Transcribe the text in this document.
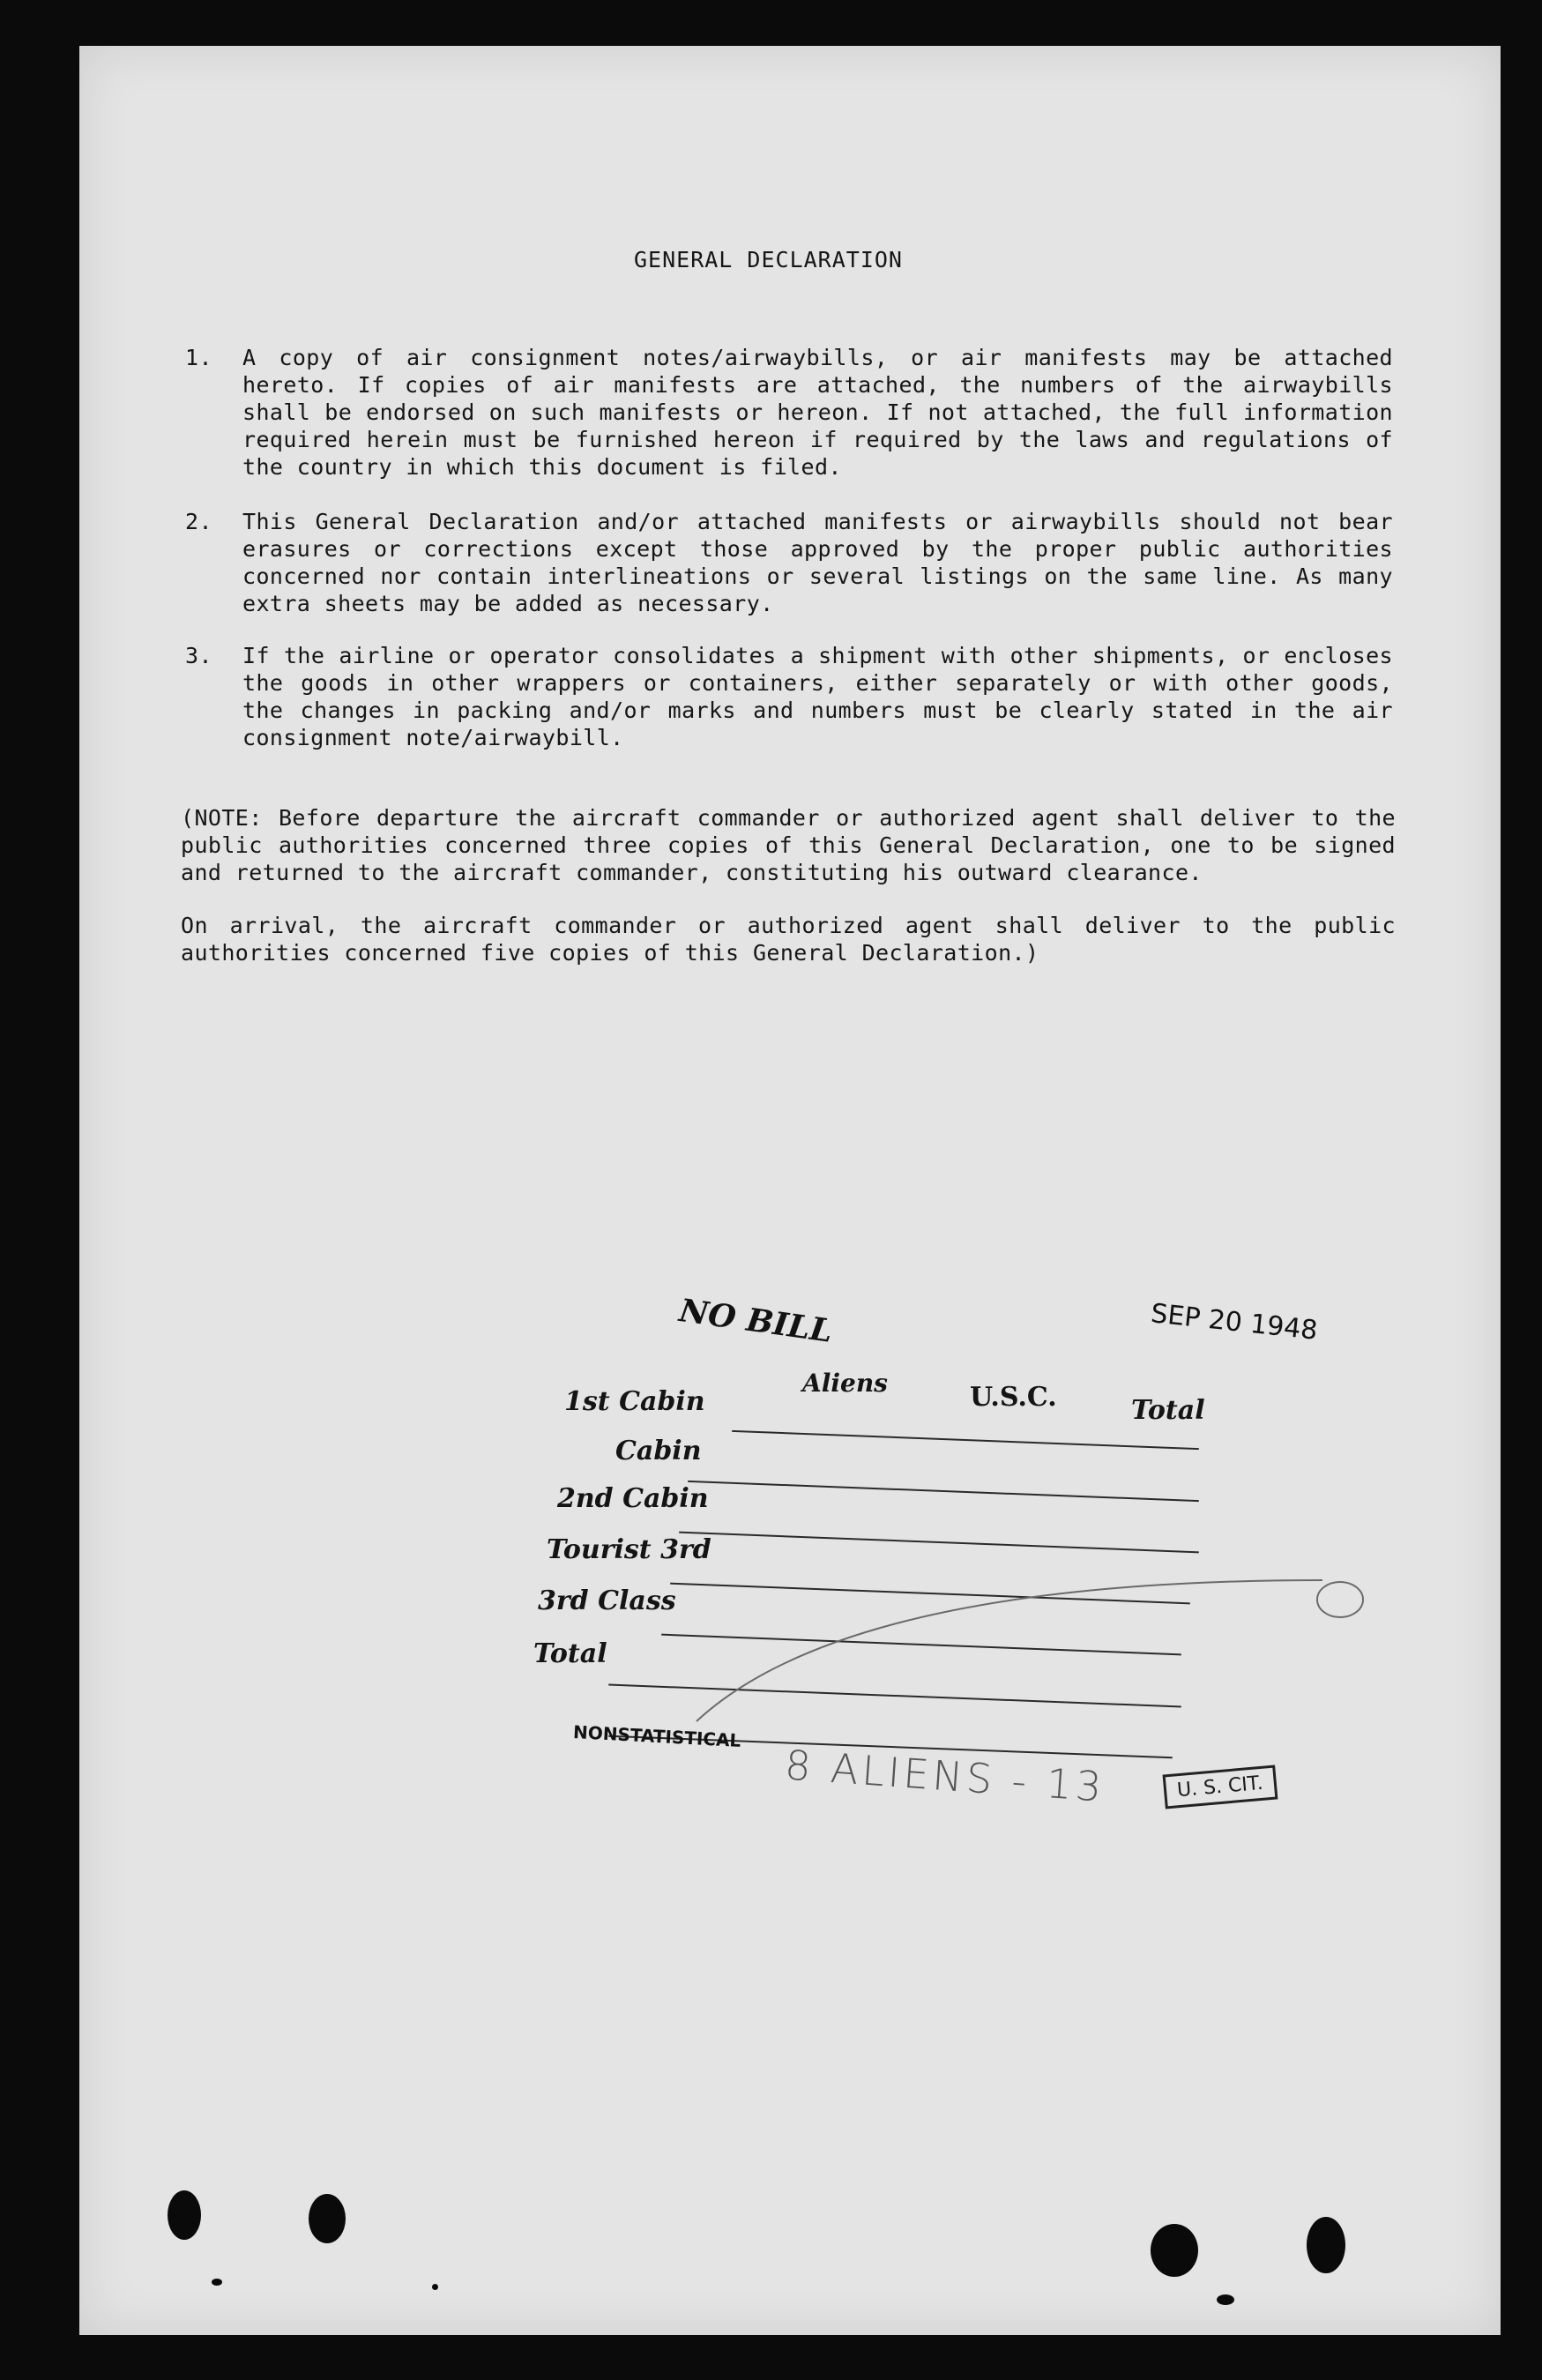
GENERAL DECLARATION
1. A copy of air consignment notes/airwaybills, or air manifests may be attached hereto. If copies of air manifests are attached, the numbers of the airwaybills shall be endorsed on such manifests or hereon. If not attached, the full information required herein must be furnished hereon if required by the laws and regulations of the country in which this document is filed.
2. This General Declaration and/or attached manifests or airwaybills should not bear erasures or corrections except those approved by the proper public authorities concerned nor contain interlineations or several listings on the same line. As many extra sheets may be added as necessary.
3. If the airline or operator consolidates a shipment with other shipments, or encloses the goods in other wrappers or containers, either separately or with other goods, the changes in packing and/or marks and numbers must be clearly stated in the air consignment note/airwaybill.
(NOTE: Before departure the aircraft commander or authorized agent shall deliver to the public authorities concerned three copies of this General Declaration, one to be signed and returned to the aircraft commander, constituting his outward clearance.
On arrival, the aircraft commander or authorized agent shall deliver to the public authorities concerned five copies of this General Declaration.)
NO BILL	SEP 20 1948
Aliens	U.S.C.	Total
1st Cabin
Cabin
2nd Cabin
Tourist 3rd
3rd Class
Total
NONSTATISTICAL
8 ALIENS - 13	U. S. CIT.
